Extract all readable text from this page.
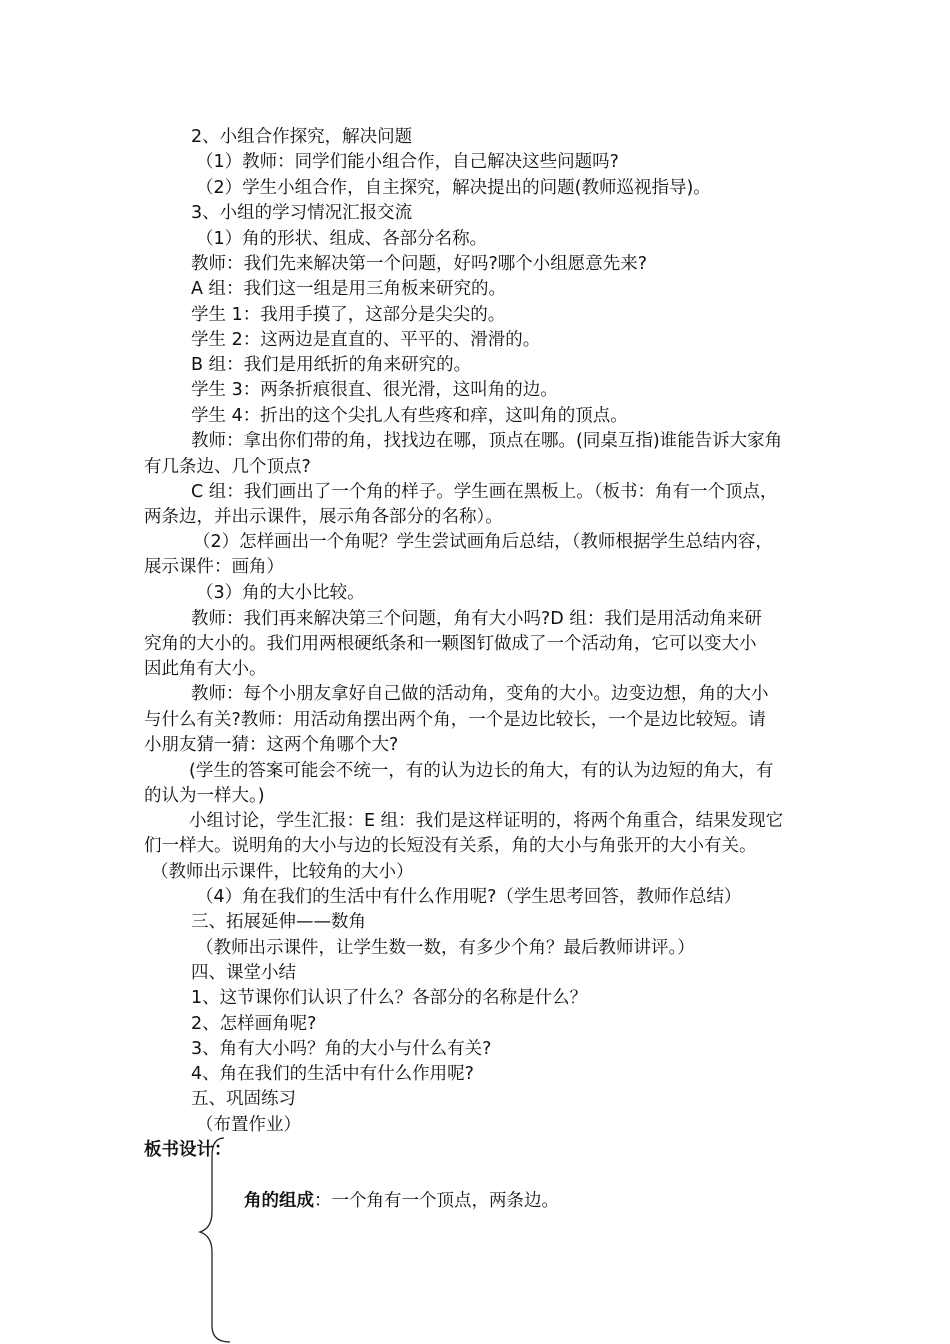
2、小组合作探究，解决问题
（1）教师：同学们能小组合作，自己解决这些问题吗?
（2）学生小组合作，自主探究，解决提出的问题(教师巡视指导)。
3、小组的学习情况汇报交流
（1）角的形状、组成、各部分名称。
教师：我们先来解决第一个问题，好吗?哪个小组愿意先来?
A 组：我们这一组是用三角板来研究的。
学生 1：我用手摸了，这部分是尖尖的。
学生 2：这两边是直直的、平平的、滑滑的。
B 组：我们是用纸折的角来研究的。
学生 3：两条折痕很直、很光滑，这叫角的边。
学生 4：折出的这个尖扎人有些疼和痒，这叫角的顶点。
教师：拿出你们带的角，找找边在哪，顶点在哪。(同桌互指)谁能告诉大家角
有几条边、几个顶点?
C 组：我们画出了一个角的样子。学生画在黑板上。（板书：角有一个顶点，
两条边，并出示课件，展示角各部分的名称）。
（2）怎样画出一个角呢？学生尝试画角后总结，（教师根据学生总结内容，
展示课件：画角）
（3）角的大小比较。
教师：我们再来解决第三个问题，角有大小吗?D 组：我们是用活动角来研
究角的大小的。我们用两根硬纸条和一颗图钉做成了一个活动角，它可以变大小
因此角有大小。
教师：每个小朋友拿好自己做的活动角，变角的大小。边变边想，角的大小
与什么有关?教师：用活动角摆出两个角，一个是边比较长，一个是边比较短。请
小朋友猜一猜：这两个角哪个大?
(学生的答案可能会不统一，有的认为边长的角大，有的认为边短的角大，有
的认为一样大。)
小组讨论，学生汇报：E 组：我们是这样证明的，将两个角重合，结果发现它
们一样大。说明角的大小与边的长短没有关系，角的大小与角张开的大小有关。
（教师出示课件，比较角的大小）
（4）角在我们的生活中有什么作用呢?（学生思考回答，教师作总结）
三、拓展延伸——数角
（教师出示课件，让学生数一数，有多少个角？最后教师讲评。）
四、课堂小结
1、这节课你们认识了什么？各部分的名称是什么？
2、怎样画角呢?
3、角有大小吗？角的大小与什么有关?
4、角在我们的生活中有什么作用呢?
五、巩固练习
（布置作业）
板书设计：
角的组成：一个角有一个顶点，两条边。
